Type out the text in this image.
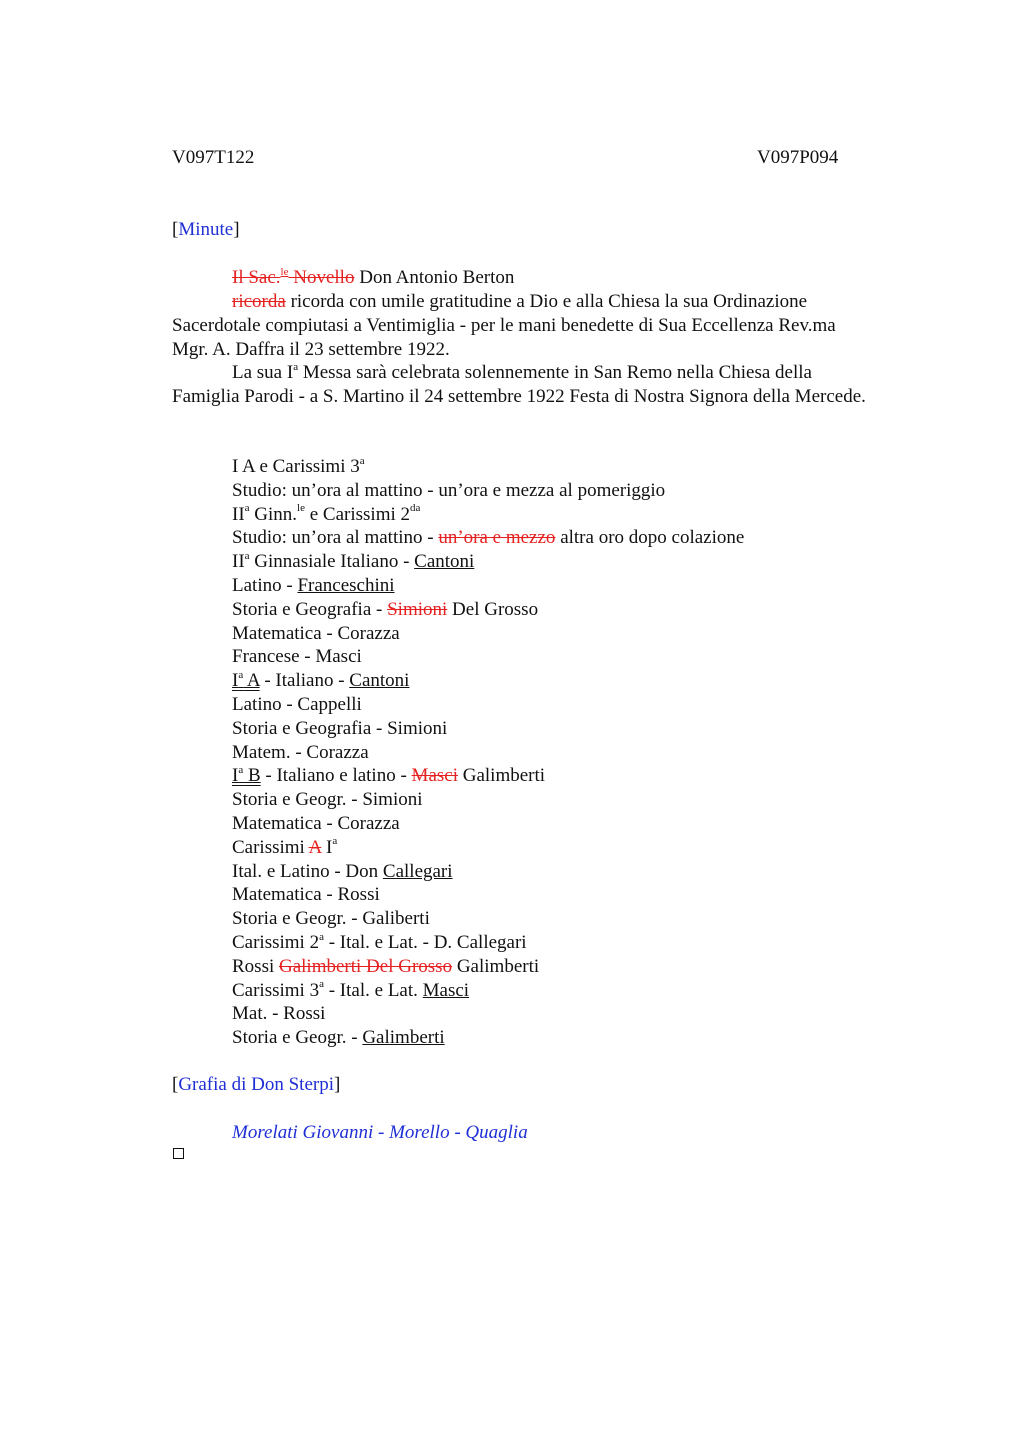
V097T122	V097P094
[Minute]
Il Sac.$^{le}$ Novello Don Antonio Berton
ricorda ricorda con umile gratitudine a Dio e alla Chiesa la sua Ordinazione
Sacerdotale compiutasi a Ventimiglia - per le mani benedette di Sua Eccellenza Rev.ma
Mgr. A. Daffra il 23 settembre 1922.
La sua $I^a$ Messa sarà celebrata solennemente in San Remo nella Chiesa della
Famiglia Parodi - a S. Martino il 24 settembre 1922 Festa di Nostra Signora della Mercede.
I A e Carissimi 3$^a$
Studio: un’ora al mattino - un’ora e mezza al pomeriggio
$II^a$ Ginn.$^{le}$ e Carissimi $2^{da}$
Studio: un’ora al mattino - un’ora e mezzo altra oro dopo colazione
$II^a$ Ginnasiale Italiano - Cantoni
Latino - Franceschini
Storia e Geografia - Simioni Del Grosso
Matematica - Corazza
Francese - Masci
$I^a$ A - Italiano - Cantoni
Latino - Cappelli
Storia e Geografia - Simioni
Matem. - Corazza
$I^a$ B - Italiano e latino - Masci Galimberti
Storia e Geogr. - Simioni
Matematica - Corazza
Carissimi A $I^a$
Ital. e Latino - Don Callegari
Matematica - Rossi
Storia e Geogr. - Galiberti
Carissimi 2$^a$ - Ital. e Lat. - D. Callegari
Rossi Galimberti Del Grosso Galimberti
Carissimi 3$^a$ - Ital. e Lat. Masci
Mat. - Rossi
Storia e Geogr. - Galimberti
[Grafia di Don Sterpi]
Morelati Giovanni - Morello - Quaglia
